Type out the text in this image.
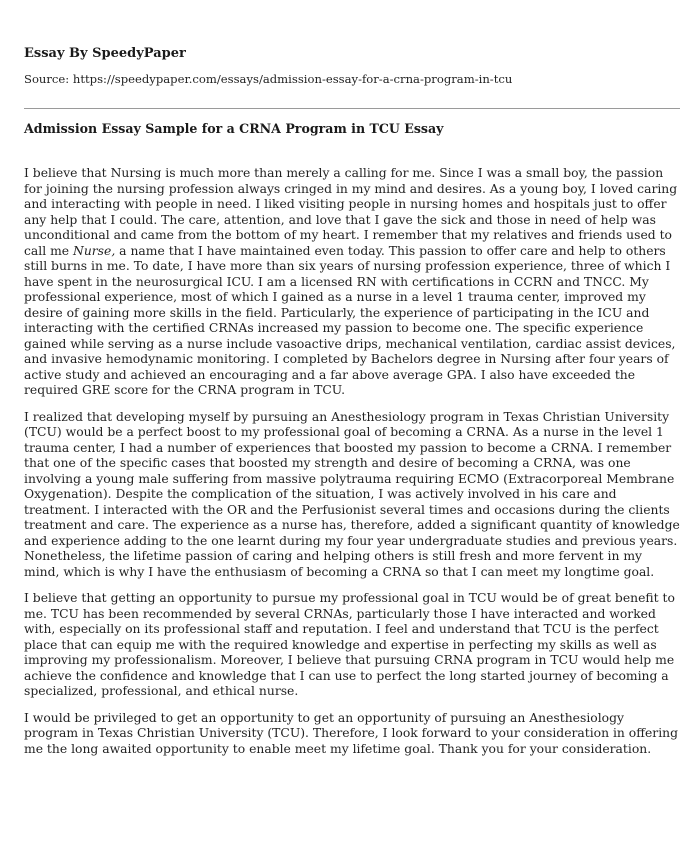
Essay By SpeedyPaper
Source: https://speedypaper.com/essays/admission-essay-for-a-crna-program-in-tcu
Admission Essay Sample for a CRNA Program in TCU Essay

I believe that Nursing is much more than merely a calling for me. Since I was a small boy, the passion for joining the nursing profession always cringed in my mind and desires. As a young boy, I loved caring and interacting with people in need. I liked visiting people in nursing homes and hospitals just to offer any help that I could. The care, attention, and love that I gave the sick and those in need of help was unconditional and came from the bottom of my heart. I remember that my relatives and friends used to call me Nurse, a name that I have maintained even today. This passion to offer care and help to others still burns in me. To date, I have more than six years of nursing profession experience, three of which I have spent in the neurosurgical ICU. I am a licensed RN with certifications in CCRN and TNCC. My professional experience, most of which I gained as a nurse in a level 1 trauma center, improved my desire of gaining more skills in the field. Particularly, the experience of participating in the ICU and interacting with the certified CRNAs increased my passion to become one. The specific experience gained while serving as a nurse include vasoactive drips, mechanical ventilation, cardiac assist devices, and invasive hemodynamic monitoring. I completed by Bachelors degree in Nursing after four years of active study and achieved an encouraging and a far above average GPA. I also have exceeded the required GRE score for the CRNA program in TCU.

I realized that developing myself by pursuing an Anesthesiology program in Texas Christian University (TCU) would be a perfect boost to my professional goal of becoming a CRNA. As a nurse in the level 1 trauma center, I had a number of experiences that boosted my passion to become a CRNA. I remember that one of the specific cases that boosted my strength and desire of becoming a CRNA, was one involving a young male suffering from massive polytrauma requiring ECMO (Extracorporeal Membrane Oxygenation). Despite the complication of the situation, I was actively involved in his care and treatment. I interacted with the OR and the Perfusionist several times and occasions during the clients treatment and care. The experience as a nurse has, therefore, added a significant quantity of knowledge and experience adding to the one learnt during my four year undergraduate studies and previous years. Nonetheless, the lifetime passion of caring and helping others is still fresh and more fervent in my mind, which is why I have the enthusiasm of becoming a CRNA so that I can meet my longtime goal.

I believe that getting an opportunity to pursue my professional goal in TCU would be of great benefit to me. TCU has been recommended by several CRNAs, particularly those I have interacted and worked with, especially on its professional staff and reputation. I feel and understand that TCU is the perfect place that can equip me with the required knowledge and expertise in perfecting my skills as well as improving my professionalism. Moreover, I believe that pursuing CRNA program in TCU would help me achieve the confidence and knowledge that I can use to perfect the long started journey of becoming a specialized, professional, and ethical nurse.

I would be privileged to get an opportunity to get an opportunity of pursuing an Anesthesiology program in Texas Christian University (TCU). Therefore, I look forward to your consideration in offering me the long awaited opportunity to enable meet my lifetime goal. Thank you for your consideration.
